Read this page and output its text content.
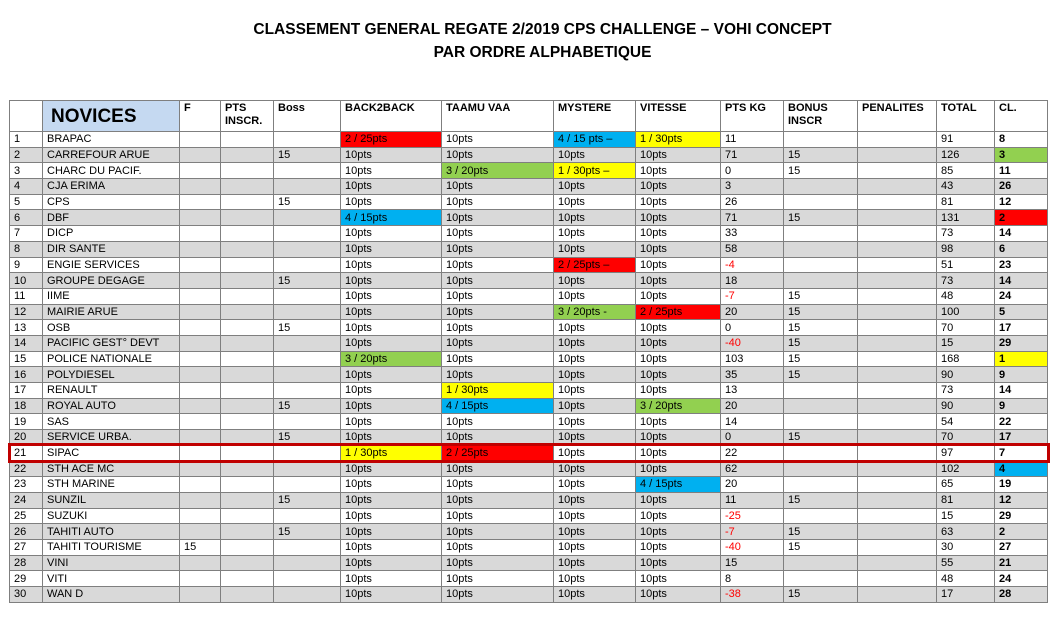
CLASSEMENT GENERAL REGATE 2/2019 CPS CHALLENGE – VOHI CONCEPT
PAR ORDRE ALPHABETIQUE
	NOVICES	F	PTS INSCR.	Boss	BACK2BACK	TAAMU VAA	MYSTERE	VITESSE	PTS KG	BONUS INSCR	PENALITES	TOTAL	CL.
1	BRAPAC				2 / 25pts	10pts	4 / 15 pts –	1 / 30pts	11			91	8
2	CARREFOUR ARUE			15	10pts	10pts	10pts	10pts	71	15		126	3
3	CHARC DU PACIF.				10pts	3 / 20pts	1 / 30pts –	10pts	0	15		85	11
4	CJA ERIMA				10pts	10pts	10pts	10pts	3			43	26
5	CPS			15	10pts	10pts	10pts	10pts	26			81	12
6	DBF				4 / 15pts	10pts	10pts	10pts	71	15		131	2
7	DICP				10pts	10pts	10pts	10pts	33			73	14
8	DIR SANTE				10pts	10pts	10pts	10pts	58			98	6
9	ENGIE SERVICES				10pts	10pts	2 / 25pts –	10pts	-4			51	23
10	GROUPE DEGAGE			15	10pts	10pts	10pts	10pts	18			73	14
11	IIME				10pts	10pts	10pts	10pts	-7	15		48	24
12	MAIRIE ARUE				10pts	10pts	3 / 20pts -	2 / 25pts	20	15		100	5
13	OSB			15	10pts	10pts	10pts	10pts	0	15		70	17
14	PACIFIC GEST° DEVT				10pts	10pts	10pts	10pts	-40	15		15	29
15	POLICE NATIONALE				3 / 20pts	10pts	10pts	10pts	103	15		168	1
16	POLYDIESEL				10pts	10pts	10pts	10pts	35	15		90	9
17	RENAULT				10pts	1 / 30pts	10pts	10pts	13			73	14
18	ROYAL AUTO			15	10pts	4 / 15pts	10pts	3 / 20pts	20			90	9
19	SAS				10pts	10pts	10pts	10pts	14			54	22
20	SERVICE URBA.			15	10pts	10pts	10pts	10pts	0	15		70	17
21	SIPAC				1 / 30pts	2 / 25pts	10pts	10pts	22			97	7
22	STH ACE MC				10pts	10pts	10pts	10pts	62			102	4
23	STH MARINE				10pts	10pts	10pts	4 / 15pts	20			65	19
24	SUNZIL			15	10pts	10pts	10pts	10pts	11	15		81	12
25	SUZUKI				10pts	10pts	10pts	10pts	-25			15	29
26	TAHITI AUTO			15	10pts	10pts	10pts	10pts	-7	15		63	2
27	TAHITI TOURISME	15			10pts	10pts	10pts	10pts	-40	15		30	27
28	VINI				10pts	10pts	10pts	10pts	15			55	21
29	VITI				10pts	10pts	10pts	10pts	8			48	24
30	WAN D				10pts	10pts	10pts	10pts	-38	15		17	28
